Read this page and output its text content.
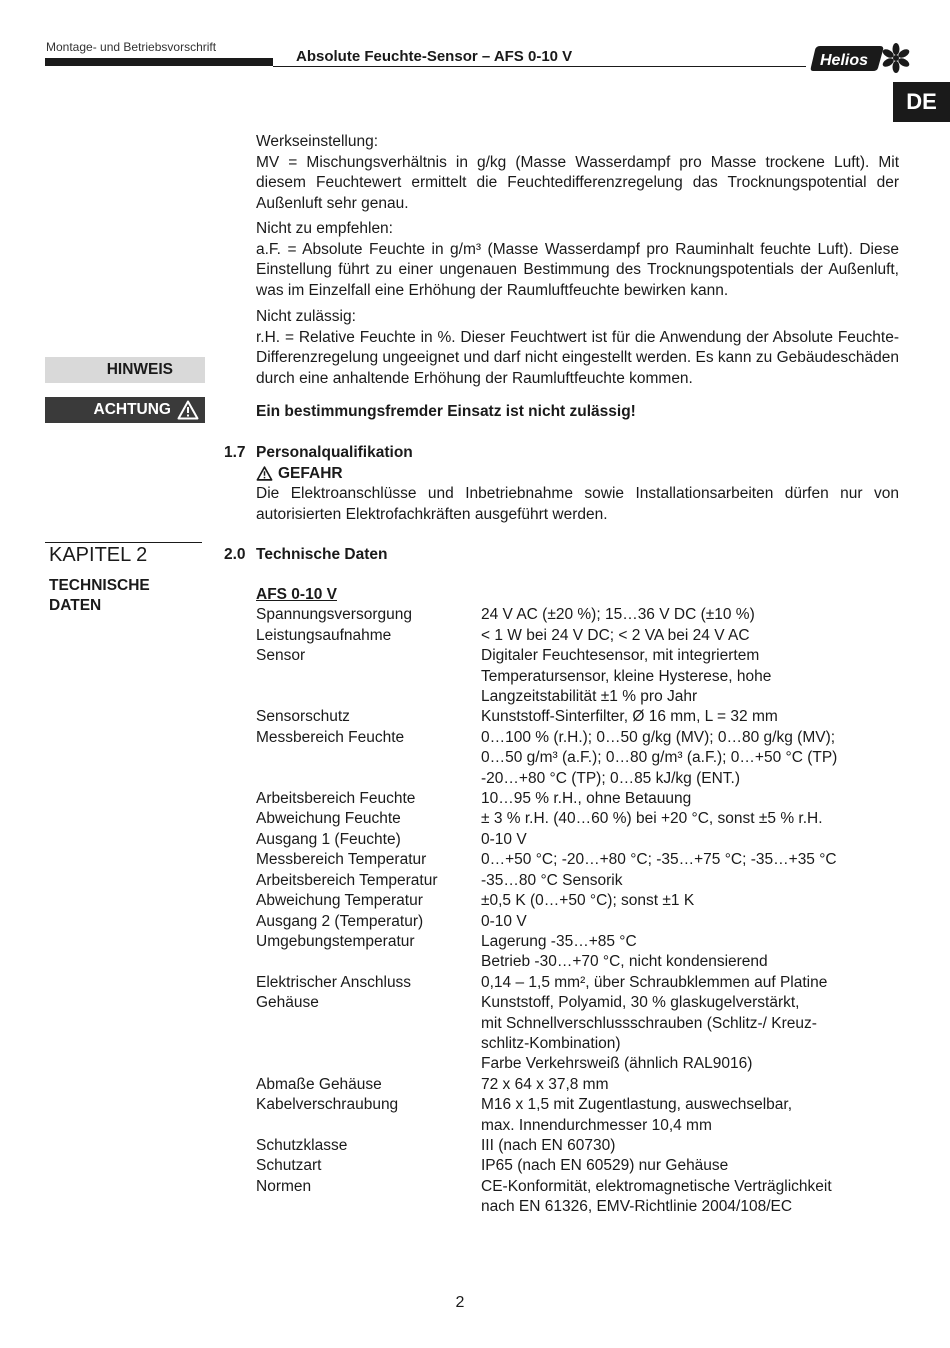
Montage- und Betriebsvorschrift
Absolute Feuchte-Sensor – AFS 0-10 V	Helios
DE
Werkseinstellung:
MV = Mischungsverhältnis in g/kg (Masse Wasserdampf pro Masse trockene Luft). Mit diesem Feuchtewert ermittelt die Feuchtedifferenzregelung das Trocknungspotential der Außenluft sehr genau.
Nicht zu empfehlen:
a.F. = Absolute Feuchte in g/m³ (Masse Wasserdampf pro Rauminhalt feuchte Luft). Diese Einstellung führt zu einer ungenauen Bestimmung des Trocknungspotentials der Außenluft, was im Einzelfall eine Erhöhung der Raumluftfeuchte bewirken kann.
Nicht zulässig:
r.H. = Relative Feuchte in %. Dieser Feuchtwert ist für die Anwendung der Absolute Feuchte-Differenzregelung ungeeignet und darf nicht eingestellt werden. Es kann zu Gebäudeschäden durch eine anhaltende Erhöhung der Raumluftfeuchte kommen.
HINWEIS
ACHTUNG	Ein bestimmungsfremder Einsatz ist nicht zulässig!
1.7 Personalqualifikation
GEFAHR
Die Elektroanschlüsse und Inbetriebnahme sowie Installationsarbeiten dürfen nur von autorisierten Elektrofachkräften ausgeführt werden.
KAPITEL 2
TECHNISCHE DATEN
2.0 Technische Daten
AFS 0-10 V
Spannungsversorgung	24 V AC (±20 %); 15…36 V DC (±10 %)
Leistungsaufnahme	< 1 W bei 24 V DC; < 2 VA bei 24 V AC
Sensor	Digitaler Feuchtesensor, mit integriertem
Temperatursensor, kleine Hysterese, hohe
Langzeitstabilität ±1 % pro Jahr
Sensorschutz	Kunststoff-Sinterfilter, Ø 16 mm, L = 32 mm
Messbereich Feuchte	0…100 % (r.H.); 0…50 g/kg (MV); 0…80 g/kg (MV);
0…50 g/m³ (a.F.); 0…80 g/m³ (a.F.); 0…+50 °C (TP)
-20…+80 °C (TP); 0…85 kJ/kg (ENT.)
Arbeitsbereich Feuchte	10…95 % r.H., ohne Betauung
Abweichung Feuchte	± 3 % r.H. (40…60 %) bei +20 °C, sonst ±5 % r.H.
Ausgang 1 (Feuchte)	0-10 V
Messbereich Temperatur	0…+50 °C; -20…+80 °C; -35…+75 °C; -35…+35 °C
Arbeitsbereich Temperatur	-35…80 °C Sensorik
Abweichung Temperatur	±0,5 K (0…+50 °C); sonst ±1 K
Ausgang 2 (Temperatur)	0-10 V
Umgebungstemperatur	Lagerung -35…+85 °C
Betrieb -30…+70 °C, nicht kondensierend
Elektrischer Anschluss	0,14 – 1,5 mm², über Schraubklemmen auf Platine
Gehäuse	Kunststoff, Polyamid, 30 % glaskugelverstärkt,
mit Schnellverschlussschrauben (Schlitz-/ Kreuz-
schlitz-Kombination)
Farbe Verkehrsweiß (ähnlich RAL9016)
Abmaße Gehäuse	72 x 64 x 37,8 mm
Kabelverschraubung	M16 x 1,5 mit Zugentlastung, auswechselbar,
max. Innendurchmesser 10,4 mm
Schutzklasse	III (nach EN 60730)
Schutzart	IP65 (nach EN 60529) nur Gehäuse
Normen	CE-Konformität, elektromagnetische Verträglichkeit
nach EN 61326, EMV-Richtlinie 2004/108/EC
2
